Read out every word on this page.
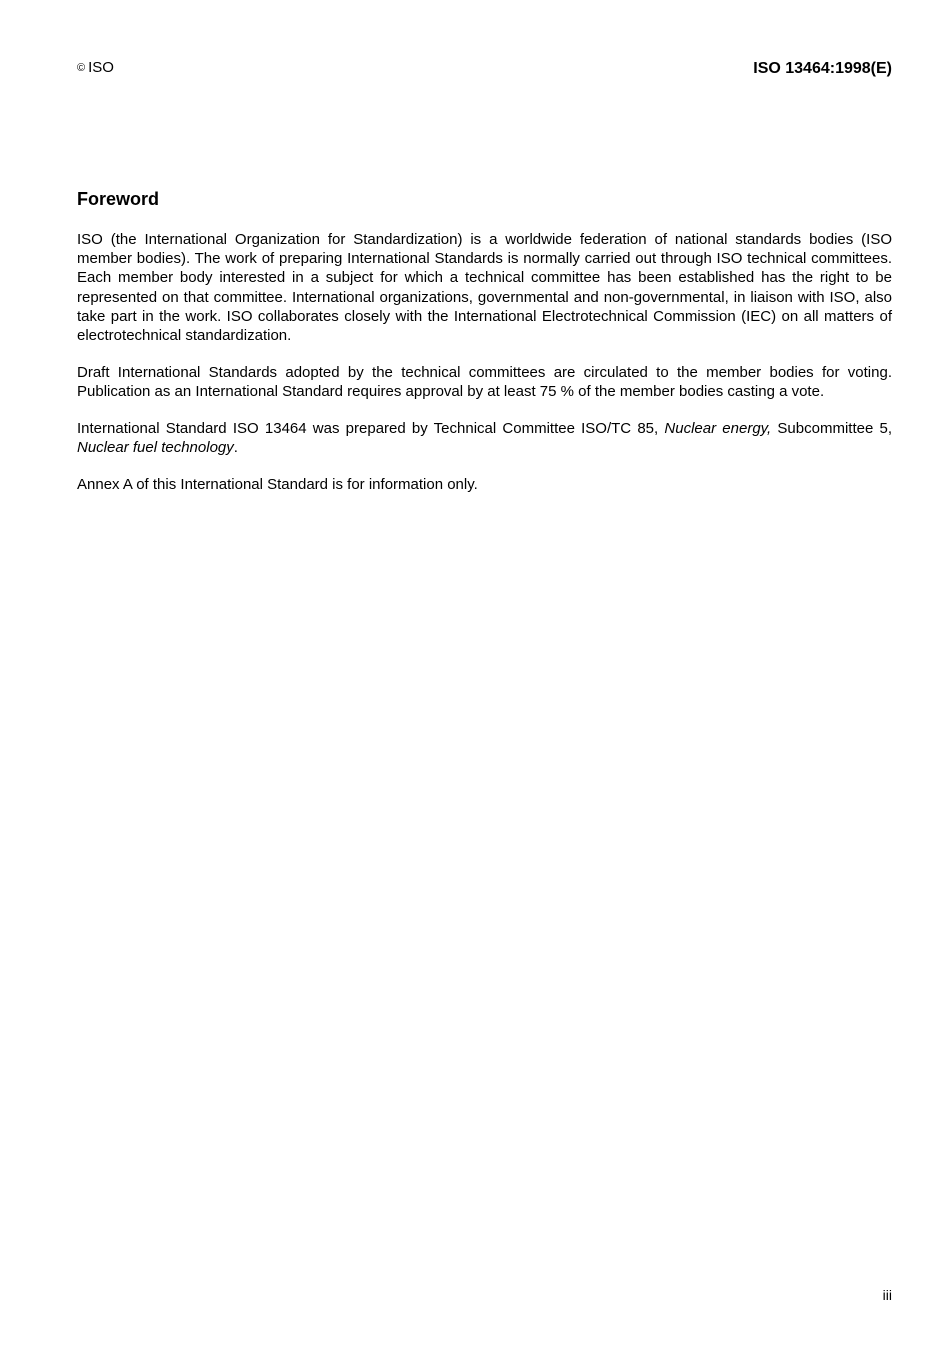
© ISO	ISO 13464:1998(E)
Foreword

ISO (the International Organization for Standardization) is a worldwide federation of national standards bodies (ISO member bodies). The work of preparing International Standards is normally carried out through ISO technical committees. Each member body interested in a subject for which a technical committee has been established has the right to be represented on that committee. International organizations, governmental and non-governmental, in liaison with ISO, also take part in the work. ISO collaborates closely with the International Electrotechnical Commission (IEC) on all matters of electrotechnical standardization.

Draft International Standards adopted by the technical committees are circulated to the member bodies for voting. Publication as an International Standard requires approval by at least 75 % of the member bodies casting a vote.

International Standard ISO 13464 was prepared by Technical Committee ISO/TC 85, Nuclear energy, Subcommittee 5, Nuclear fuel technology.

Annex A of this International Standard is for information only.

iii
